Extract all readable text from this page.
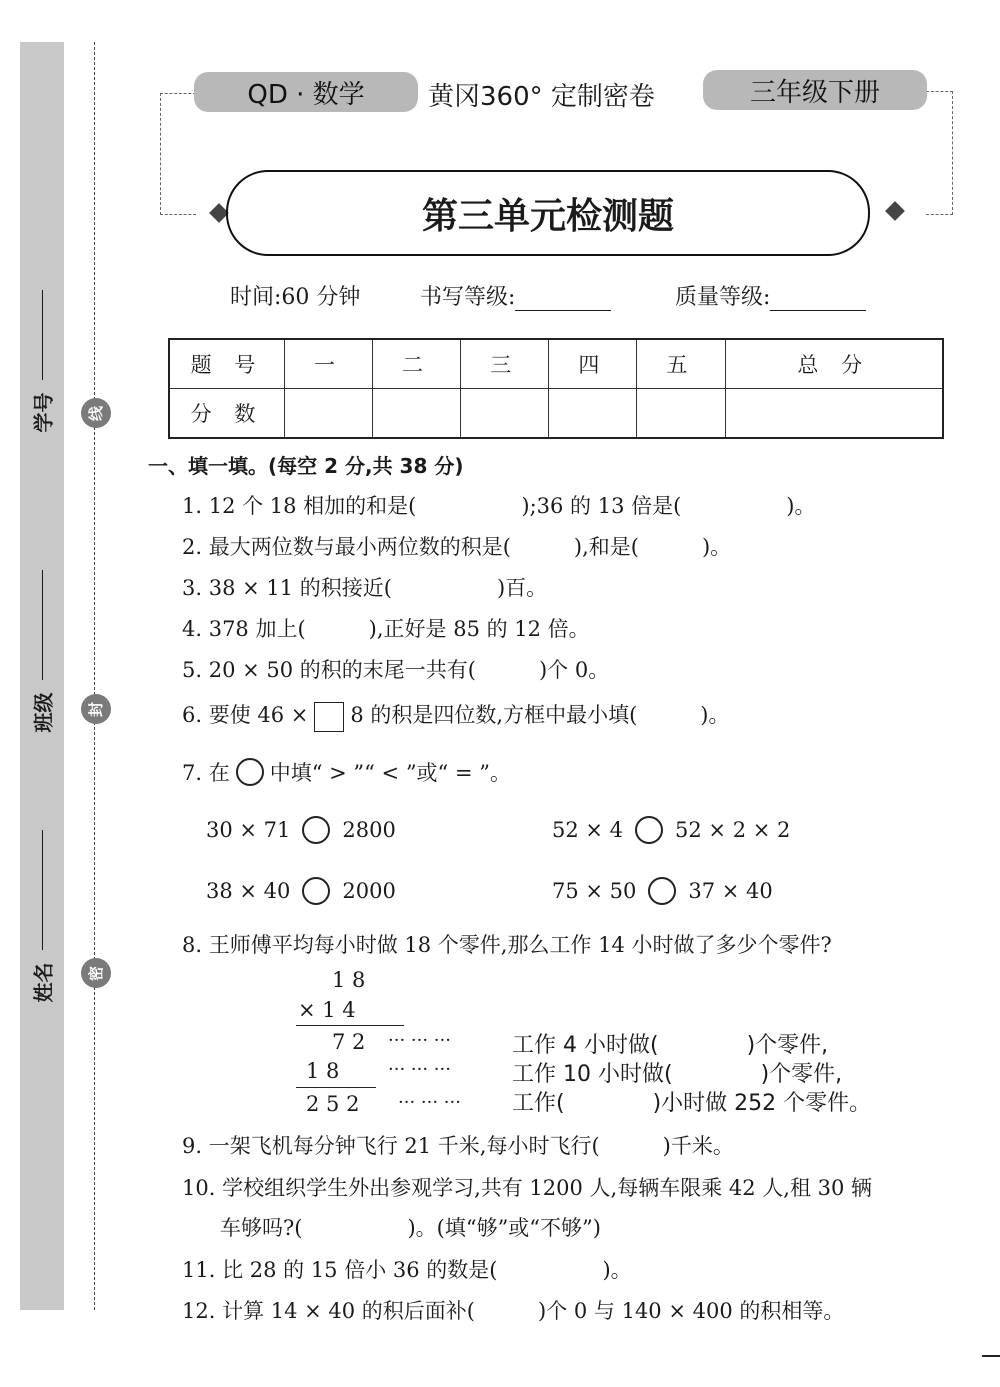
学号
班级
姓名
线
封
密
QD · 数学	黄冈360° 定制密卷	三年级下册
第三单元检测题
时间:60 分钟	书写等级:	质量等级:
题 号	一	二	三	四	五	总 分
分 数						
一、填一填。(每空 2 分,共 38 分)
1. 12 个 18 相加的和是(　　　　　);36 的 13 倍是(　　　　　)。
2. 最大两位数与最小两位数的积是(　　　),和是(　　　)。
3. 38 × 11 的积接近(　　　　　)百。
4. 378 加上(　　　),正好是 85 的 12 倍。
5. 20 × 50 的积的末尾一共有(　　　)个 0。
6. 要使 46 × 8 的积是四位数,方框中最小填(　　　)。
7. 在 中填“ > ”“ < ”或“ = ”。
30 × 71 2800	52 × 4 52 × 2 × 2
38 × 40 2000	75 × 50 37 × 40
8. 王师傅平均每小时做 18 个零件,那么工作 14 小时做了多少个零件?
1 8
× 1 4
7 2
1 8
2 5 2
··· ··· ···
··· ··· ···
··· ··· ···
工作 4 小时做(　　　　)个零件,
工作 10 小时做(　　　　)个零件,
工作(　　　　)小时做 252 个零件。
9. 一架飞机每分钟飞行 21 千米,每小时飞行(　　　)千米。
10. 学校组织学生外出参观学习,共有 1200 人,每辆车限乘 42 人,租 30 辆
车够吗?(　　　　　)。(填“够”或“不够”)
11. 比 28 的 15 倍小 36 的数是(　　　　　)。
12. 计算 14 × 40 的积后面补(　　　)个 0 与 140 × 400 的积相等。
